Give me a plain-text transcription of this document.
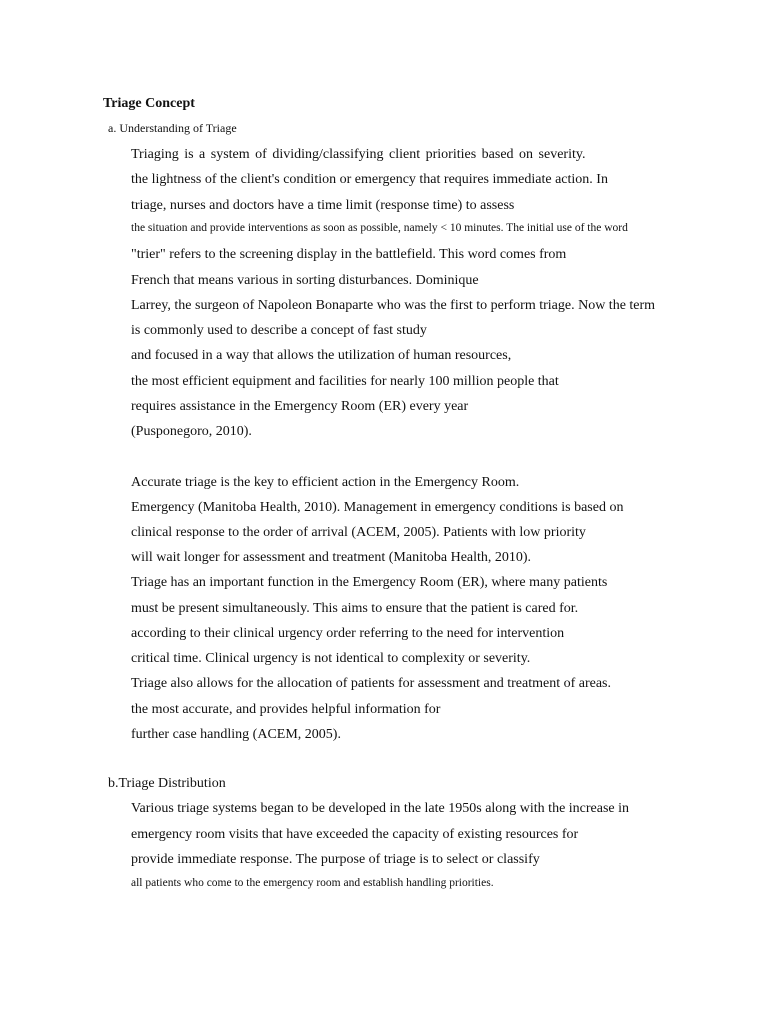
Triage Concept
a. Understanding of Triage
Triaging is a system of dividing/classifying client priorities based on severity.
the lightness of the client's condition or emergency that requires immediate action. In
triage, nurses and doctors have a time limit (response time) to assess
the situation and provide interventions as soon as possible, namely < 10 minutes. The initial use of the word
"trier" refers to the screening display in the battlefield. This word comes from
French that means various in sorting disturbances. Dominique
Larrey, the surgeon of Napoleon Bonaparte who was the first to perform triage. Now the term
is commonly used to describe a concept of fast study
and focused in a way that allows the utilization of human resources,
the most efficient equipment and facilities for nearly 100 million people that
requires assistance in the Emergency Room (ER) every year
(Pusponegoro, 2010).
Accurate triage is the key to efficient action in the Emergency Room.
Emergency (Manitoba Health, 2010). Management in emergency conditions is based on
clinical response to the order of arrival (ACEM, 2005). Patients with low priority
will wait longer for assessment and treatment (Manitoba Health, 2010).
Triage has an important function in the Emergency Room (ER), where many patients
must be present simultaneously. This aims to ensure that the patient is cared for.
according to their clinical urgency order referring to the need for intervention
critical time. Clinical urgency is not identical to complexity or severity.
Triage also allows for the allocation of patients for assessment and treatment of areas.
the most accurate, and provides helpful information for
further case handling (ACEM, 2005).
b.Triage Distribution
Various triage systems began to be developed in the late 1950s along with the increase in
emergency room visits that have exceeded the capacity of existing resources for
provide immediate response. The purpose of triage is to select or classify
all patients who come to the emergency room and establish handling priorities.
